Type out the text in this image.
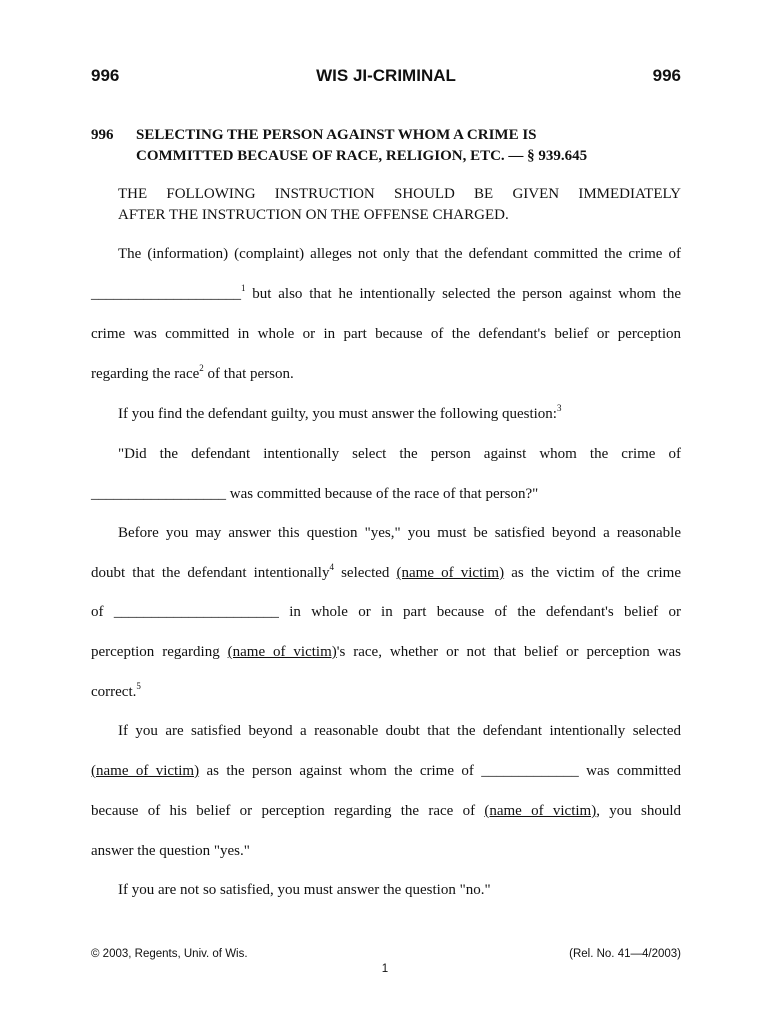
996	WIS JI-CRIMINAL	996
996 SELECTING THE PERSON AGAINST WHOM A CRIME IS
COMMITTED BECAUSE OF RACE, RELIGION, ETC. — § 939.645
THE FOLLOWING INSTRUCTION SHOULD BE GIVEN IMMEDIATELY
AFTER THE INSTRUCTION ON THE OFFENSE CHARGED.
The (information) (complaint) alleges not only that the defendant committed the crime of
____________________$^1$ but also that he intentionally selected the person against whom the
crime was committed in whole or in part because of the defendant's belief or perception
regarding the race$^2$ of that person.
If you find the defendant guilty, you must answer the following question:$^3$
"Did the defendant intentionally select the person against whom the crime of
__________________ was committed because of the race of that person?"
Before you may answer this question "yes," you must be satisfied beyond a reasonable
doubt that the defendant intentionally$^4$ selected (name of victim) as the victim of the crime
of ______________________ in whole or in part because of the defendant's belief or
perception regarding (name of victim)'s race, whether or not that belief or perception was
correct.$^5$
If you are satisfied beyond a reasonable doubt that the defendant intentionally selected
(name of victim) as the person against whom the crime of _____________ was committed
because of his belief or perception regarding the race of (name of victim), you should
answer the question "yes."
If you are not so satisfied, you must answer the question "no."
© 2003, Regents, Univ. of Wis.	(Rel. No. 41—4/2003)
1
